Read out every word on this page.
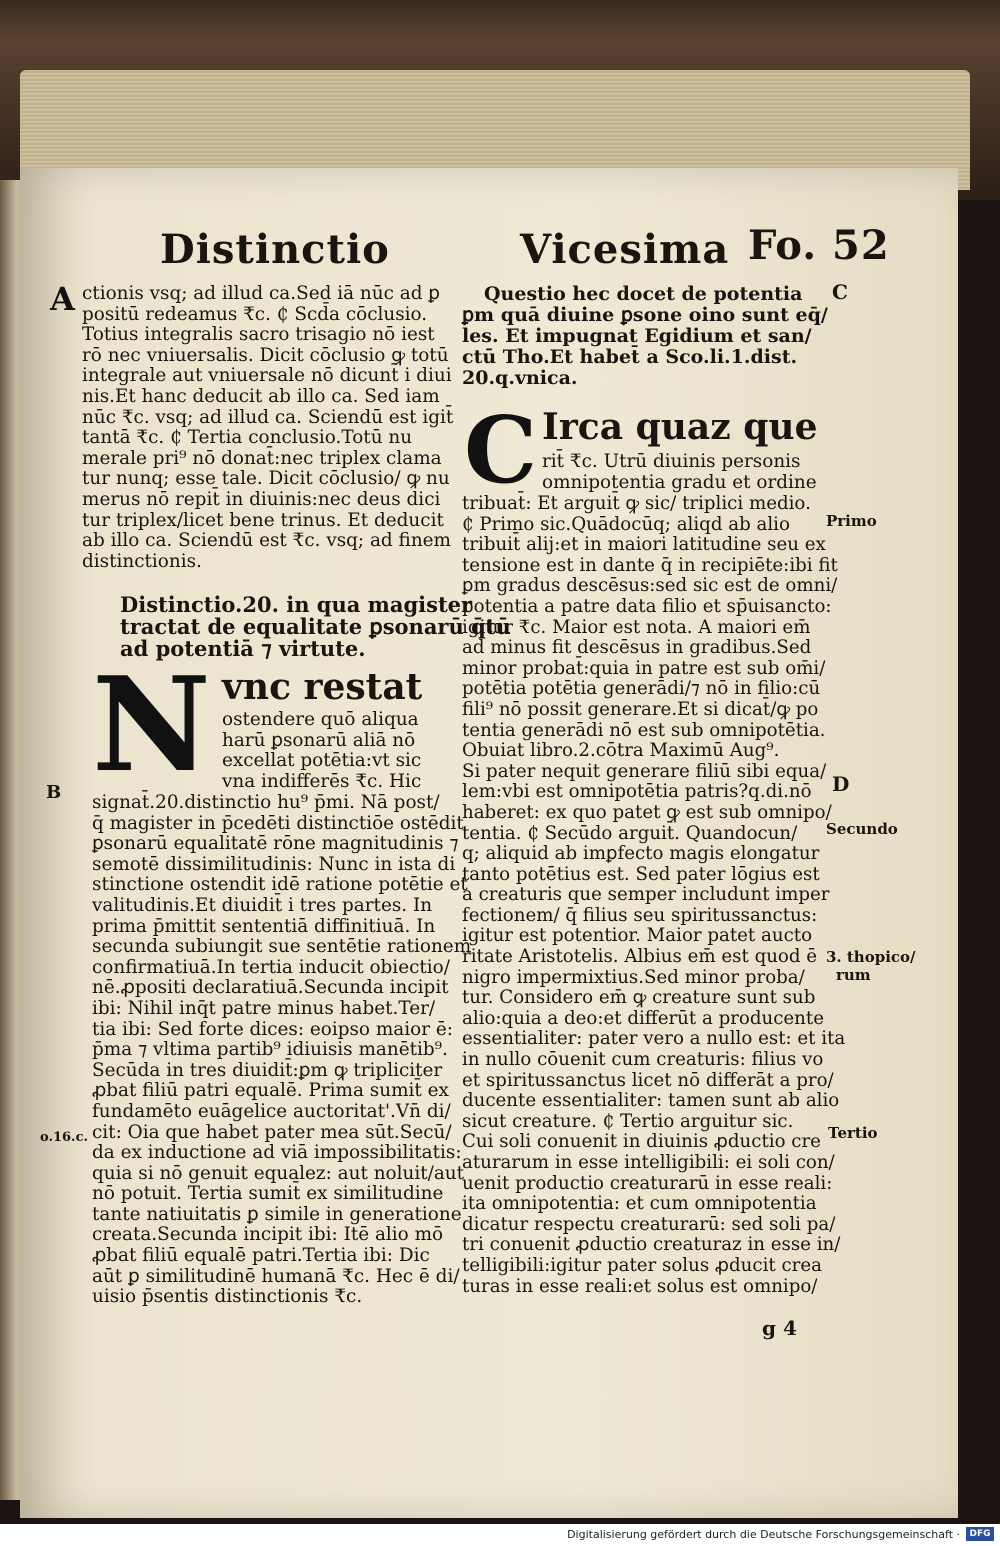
Distinctio	Vicesima Fo. 52
A ctionis vsq; ad illud ca.Sed iā nūc ad ꝑ
positū redeamus ₹c. ₵ Scd̄a cōclusio.
Totius integralis sacro trisagio nō iest
rō nec vniuersalis. Dicit cōclusio ꝙ totū
integrale aut vniuersale nō dicunt̄ i diui
nis.Et hanc deducit ab illo ca. Sed iam
nūc ₹c. vsq; ad illud ca. Sciendū est igit̄
tantā ₹c. ₵ Tertia conclusio.Totū nu
merale pri⁹ nō donat̄:nec triplex clama
tur nunq; esse tale. Dicit cōclusio/ ꝙ nu
merus nō repit̄ in diuinis:nec deus dici
tur triplex/licet bene trinus. Et deducit
ab illo ca. Sciendū est ₹c. vsq; ad finem
distinctionis.
Distinctio.20. in qua magister
tractat de equalitate ꝑsonarū q̄tū
ad potentiā ⁊ virtute.
N vnc restat
ostendere quō aliqua
harū ꝑsonarū aliā nō
excellat potētia:vt sic
vna indifferēs ₹c. Hic
signat̄.20.distinctio hu⁹ p̄mi. Nā post/
q̄ magister in p̄cedēti distinctiōe ostēdit
ꝑsonarū equalitatē rōne magnitudinis ⁊
semotē dissimilitudinis: Nunc in ista di
stinctione ostendit idē ratione potētie et
valitudinis.Et diuidit̄ i tres partes. In
prima p̄mittit sententiā diffinitiuā. In
secunda subiungit sue sentētie rationem
confirmatiuā.In tertia inducit obiectio/
nē.ꝓpositi declaratiuā.Secunda incipit
ibi: Nihil inq̄t patre minus habet.Ter/
tia ibi: Sed forte dices: eoipso maior ē:
p̄ma ⁊ vltima partib⁹ idiuisis manētib⁹.
Secūda in tres diuidit̄:ꝑm ꝙ tripliciter
ꝓbat filiū patri equalē. Prima sumit̄ ex
fundamēto euāgelice auctoritat'.Vn̄ di/
cit: Oia que habet pater mea sūt.Secū/
da ex inductione ad viā impossibilitatis:
quia si nō genuit equalez: aut noluit/aut
nō potuit. Tertia sumit̄ ex similitudine
tante natiuitatis ꝑ simile in generatione
creata.Secunda incipit ibi: Itē alio mō
ꝓbat filiū equalē patri.Tertia ibi: Dic
aūt ꝑ similitudinē humanā ₹c. Hec ē di/
uisio p̄sentis distinctionis ₹c.
B
o.16.c.
Questio hec docet de potentia
ꝑm quā diuine ꝑsone oino sunt eq̄/
les. Et impugnat Egidium et san/
ctū Tho.Et habet̄ a Sco.li.1.dist.
20.q.vnica.
C Irca quaz que
rit̄ ₹c. Utrū diuinis personis
omnipotentia gradu et ordine
tribuat̄: Et arguit̄ ꝙ sic/ triplici medio.
₵ Primo sic.Quādocūq; aliqd ab alio
tribuit̄ alij:et in maiori latitudine seu ex
tensione est in dante q̄ in recipiēte:ibi fit
ꝑm gradus descēsus:sed sic est de omni/
potentia a patre data filio et sp̄uisancto:
igitur ₹c. Maior est nota. A maiori em̄
ad minus fit descēsus in gradibus.Sed
minor probat̄:quia in patre est sub om̄i/
potētia potētia generādi/⁊ nō in filio:cū
fili⁹ nō possit generare.Et si dicat̄/ꝙ po
tentia generādi nō est sub omnipotētia.
Obuiat libro.2.cōtra Maximū Aug⁹.
Si pater nequit generare filiū sibi equa/
lem:vbi est omnipotētia patris?q.di.nō
haberet: ex quo patet ꝙ est sub omnipo/
tentia. ₵ Secūdo arguit̄. Quandocun/
q; aliquid ab imꝑfecto magis elongatur
tanto potētius est. Sed pater lōgius est
a creaturis que semper includunt imper
fectionem/ q̄ filius seu spiritussanctus:
igitur est potentior. Maior patet aucto
ritate Aristotelis. Albius em̄ est quod ē
nigro impermixtius.Sed minor proba/
tur. Considero em̄ ꝙ creature sunt sub
alio:quia a deo:et differūt a producente
essentialiter: pater vero a nullo est: et ita
in nullo cōuenit cum creaturis: filius vo
et spiritussanctus licet nō differāt a pro/
ducente essentialiter: tamen sunt ab alio
sicut creature. ₵ Tertio arguitur sic.
Cui soli conuenit in diuinis ꝓductio cre
aturarum in esse intelligibili: ei soli con/
uenit productio creaturarū in esse reali:
ita omnipotentia: et cum omnipotentia
dicatur respectu creaturarū: sed soli pa/
tri conuenit ꝓductio creaturaz in esse in/
telligibili:igitur pater solus ꝓducit crea
turas in esse reali:et solus est omnipo/
g 4
C
Primo
D
Secundo
3. thopico/
rum
Tertio
Digitalisierung gefördert durch die Deutsche Forschungsgemeinschaft ·	DFG
